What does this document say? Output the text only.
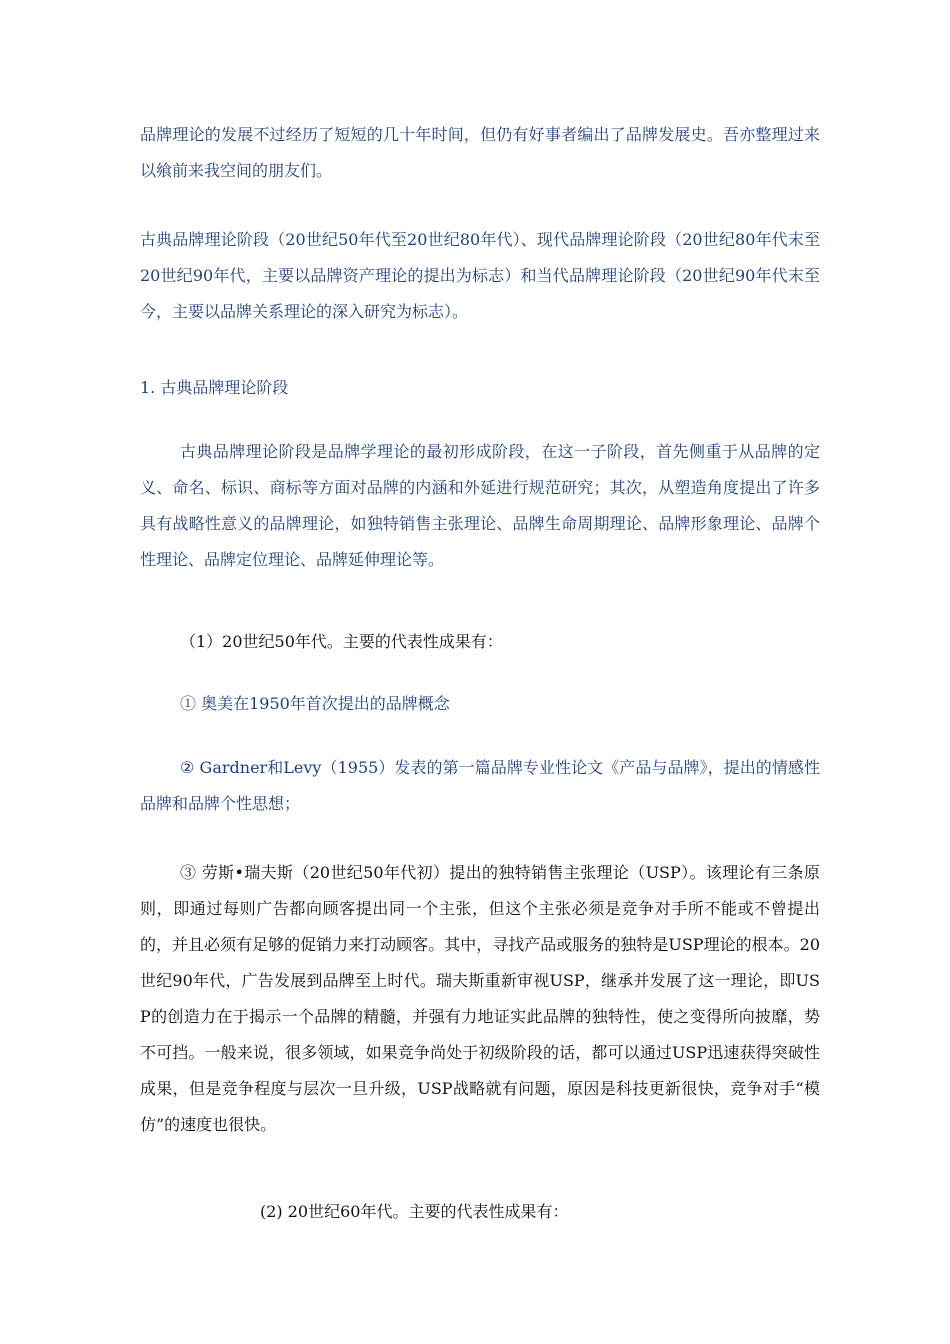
品牌理论的发展不过经历了短短的几十年时间，但仍有好事者编出了品牌发展史。吾亦整理过来以飨前来我空间的朋友们。

古典品牌理论阶段（20世纪50年代至20世纪80年代）、现代品牌理论阶段（20世纪80年代末至20世纪90年代，主要以品牌资产理论的提出为标志）和当代品牌理论阶段（20世纪90年代末至今，主要以品牌关系理论的深入研究为标志）。

1. 古典品牌理论阶段

古典品牌理论阶段是品牌学理论的最初形成阶段，在这一子阶段，首先侧重于从品牌的定义、命名、标识、商标等方面对品牌的内涵和外延进行规范研究；其次，从塑造角度提出了许多具有战略性意义的品牌理论，如独特销售主张理论、品牌生命周期理论、品牌形象理论、品牌个性理论、品牌定位理论、品牌延伸理论等。

（1）20世纪50年代。主要的代表性成果有：

① 奥美在1950年首次提出的品牌概念

② Gardner和Levy（1955）发表的第一篇品牌专业性论文《产品与品牌》，提出的情感性品牌和品牌个性思想；

③ 劳斯•瑞夫斯（20世纪50年代初）提出的独特销售主张理论（USP）。该理论有三条原则，即通过每则广告都向顾客提出同一个主张，但这个主张必须是竞争对手所不能或不曾提出的，并且必须有足够的促销力来打动顾客。其中，寻找产品或服务的独特是USP理论的根本。20世纪90年代，广告发展到品牌至上时代。瑞夫斯重新审视USP，继承并发展了这一理论，即USP的创造力在于揭示一个品牌的精髓，并强有力地证实此品牌的独特性，使之变得所向披靡，势不可挡。一般来说，很多领域，如果竞争尚处于初级阶段的话，都可以通过USP迅速获得突破性成果，但是竞争程度与层次一旦升级，USP战略就有问题，原因是科技更新很快，竞争对手“模仿”的速度也很快。

(2) 20世纪60年代。主要的代表性成果有：
